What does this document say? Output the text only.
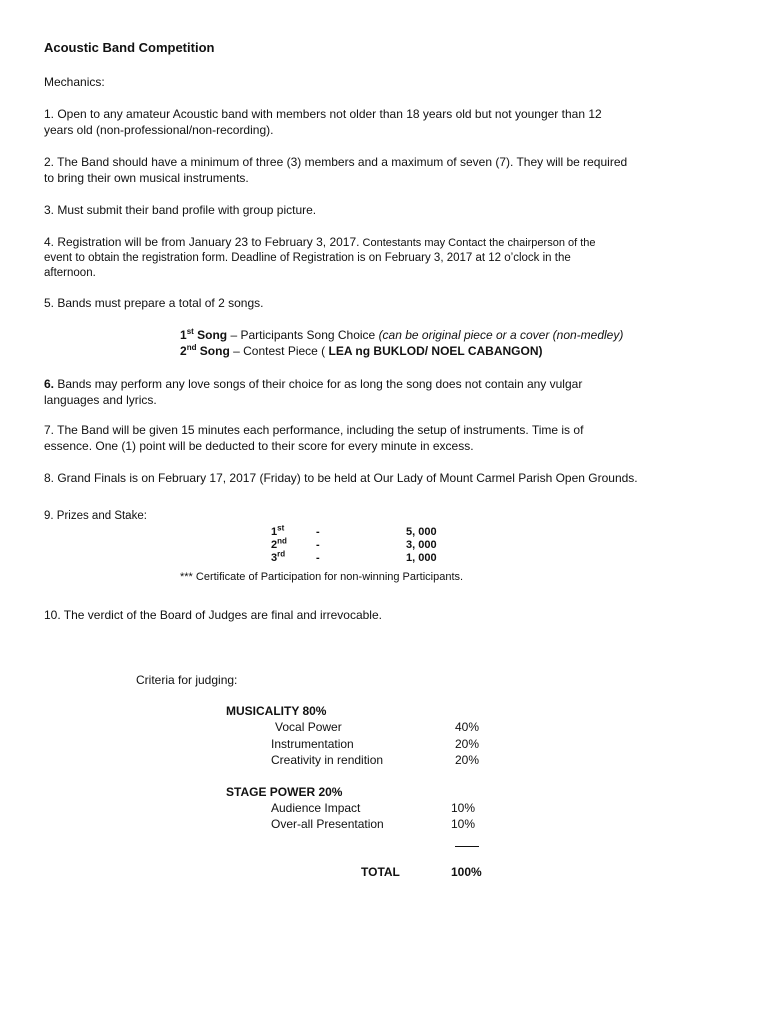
Acoustic Band Competition
Mechanics:
1. Open to any amateur Acoustic band with members not older than 18 years old but not younger than 12
years old (non-professional/non-recording).
2. The Band should have a minimum of three (3) members and a maximum of seven (7). They will be required
to bring their own musical instruments.
3. Must submit their band profile with group picture.
4. Registration will be from January 23 to February 3, 2017. Contestants may Contact the chairperson of the
event to obtain the registration form. Deadline of Registration is on February 3, 2017 at 12 o’clock in the
afternoon.
5. Bands must prepare a total of 2 songs.
1st Song – Participants Song Choice (can be original piece or a cover (non-medley)
2nd Song – Contest Piece ( LEA ng BUKLOD/ NOEL CABANGON)
6. Bands may perform any love songs of their choice for as long the song does not contain any vulgar
languages and lyrics.
7. The Band will be given 15 minutes each performance, including the setup of instruments. Time is of
essence. One (1) point will be deducted to their score for every minute in excess.
8. Grand Finals is on February 17, 2017 (Friday) to be held at Our Lady of Mount Carmel Parish Open Grounds.
9. Prizes and Stake:
1st	-	5, 000
2nd	-	3, 000
3rd	-	1, 000
*** Certificate of Participation for non-winning Participants.
10. The verdict of the Board of Judges are final and irrevocable.
Criteria for judging:
MUSICALITY 80%
Vocal Power	40%
Instrumentation	20%
Creativity in rendition	20%
STAGE POWER 20%
Audience Impact	10%
Over-all Presentation	10%
TOTAL	100%
